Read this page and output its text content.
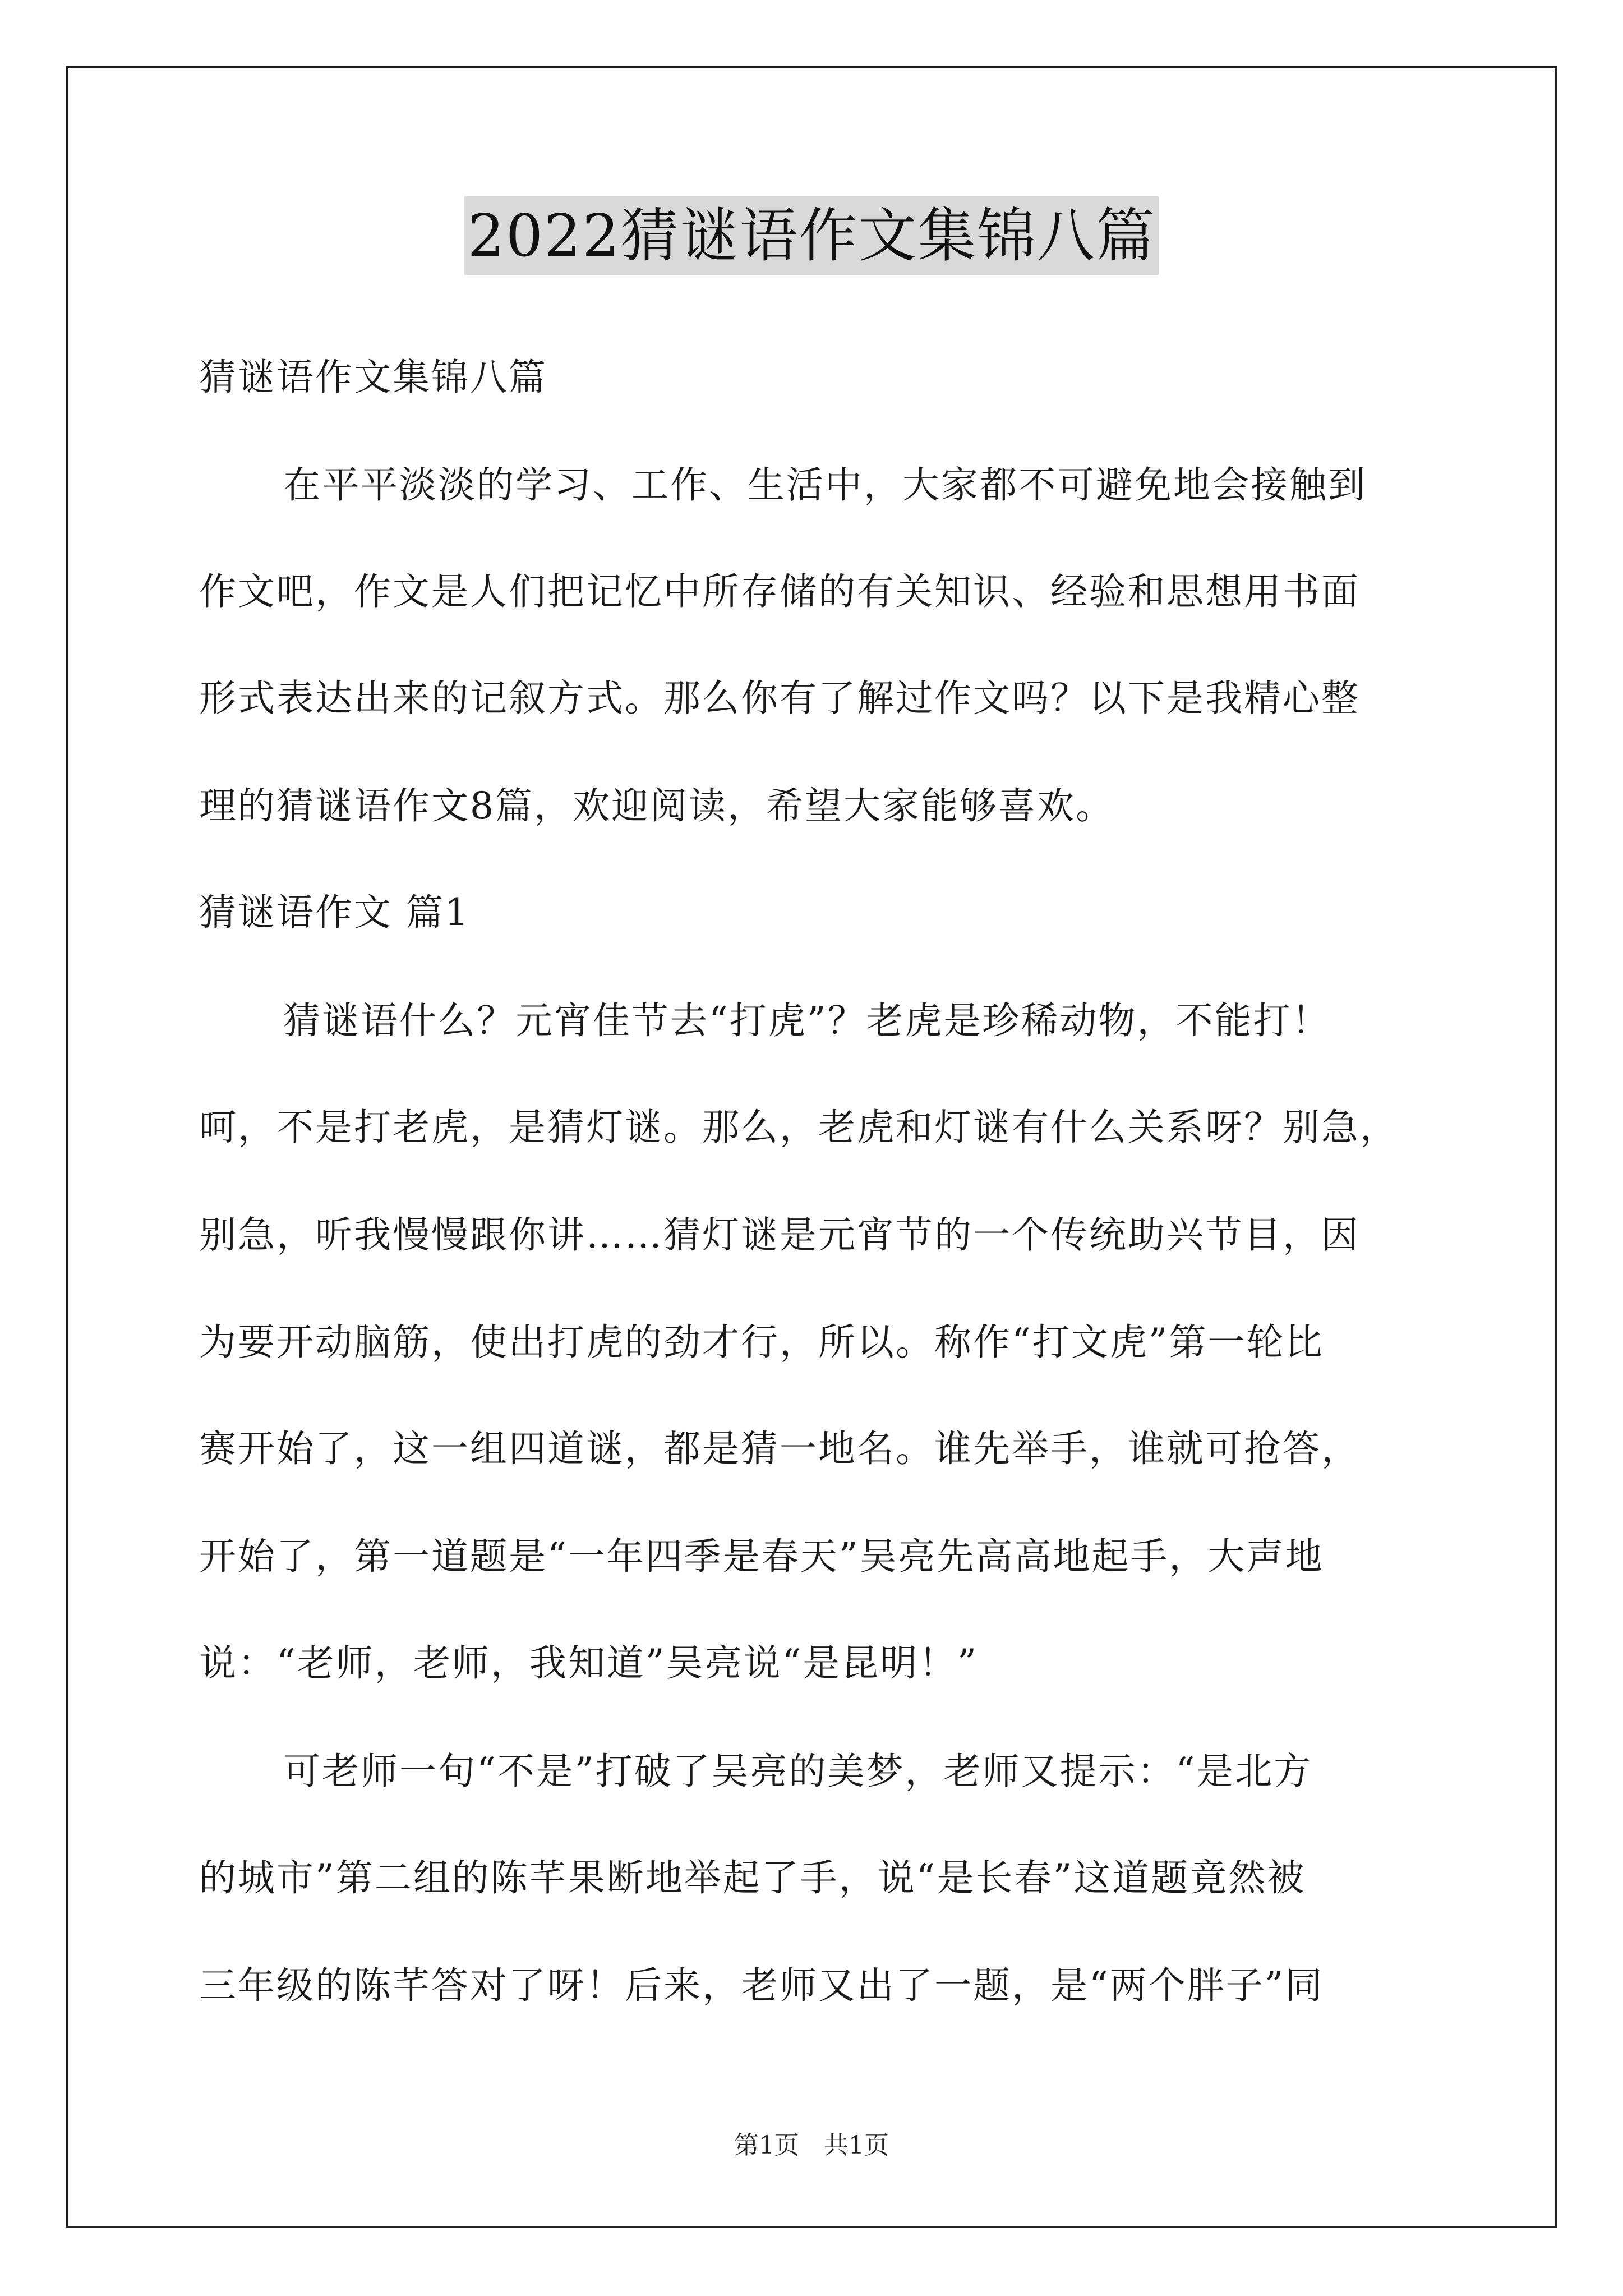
2022猜谜语作文集锦八篇
猜谜语作文集锦八篇
在平平淡淡的学习、工作、生活中，大家都不可避免地会接触到
作文吧，作文是人们把记忆中所存储的有关知识、经验和思想用书面
形式表达出来的记叙方式。那么你有了解过作文吗？以下是我精心整
理的猜谜语作文8篇，欢迎阅读，希望大家能够喜欢。
猜谜语作文 篇1
猜谜语什么？元宵佳节去“打虎”？老虎是珍稀动物，不能打！
呵，不是打老虎，是猜灯谜。那么，老虎和灯谜有什么关系呀？别急，
别急，听我慢慢跟你讲……猜灯谜是元宵节的一个传统助兴节目，因
为要开动脑筋，使出打虎的劲才行，所以。称作“打文虎”第一轮比
赛开始了，这一组四道谜，都是猜一地名。谁先举手，谁就可抢答，
开始了，第一道题是“一年四季是春天”吴亮先高高地起手，大声地
说：“老师，老师，我知道”吴亮说“是昆明！”
可老师一句“不是”打破了吴亮的美梦，老师又提示：“是北方
的城市”第二组的陈芊果断地举起了手，说“是长春”这道题竟然被
三年级的陈芊答对了呀！后来，老师又出了一题，是“两个胖子”同
第1页　共1页
